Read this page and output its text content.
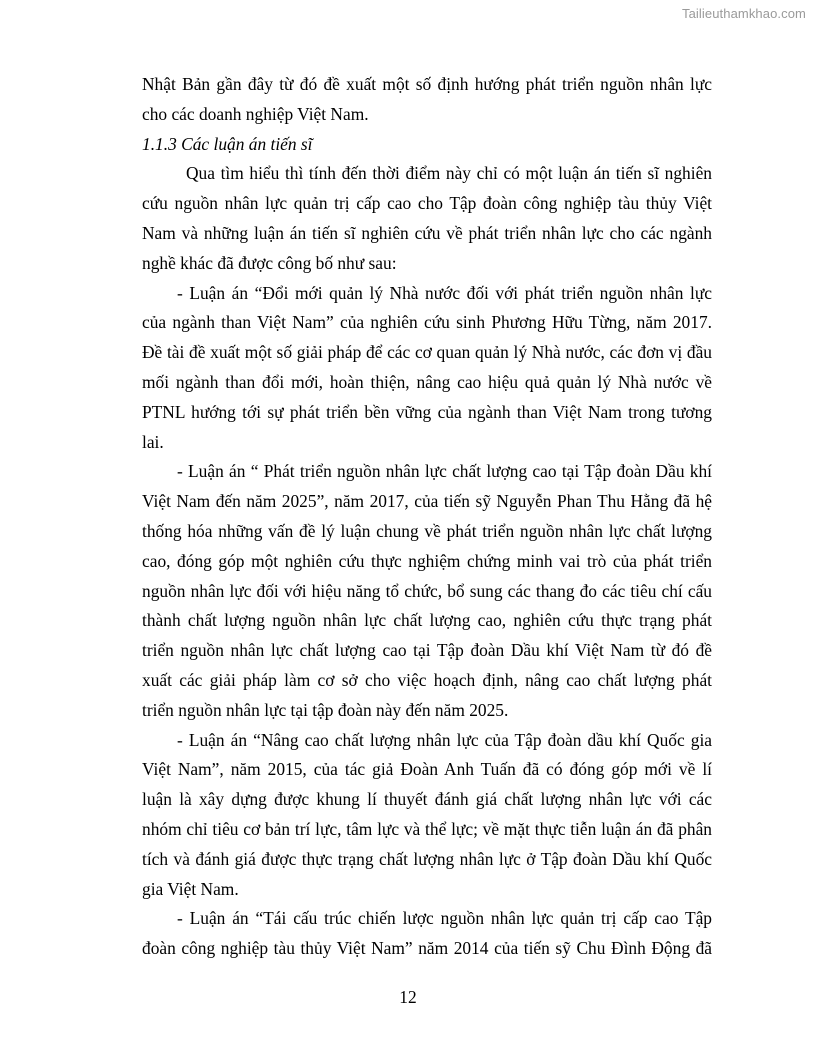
Tailieuthamkhao.com
Nhật Bản gần đây từ đó đề xuất một số định hướng phát triển nguồn nhân lực
cho các doanh nghiệp Việt Nam.
1.1.3 Các luận án tiến sĩ
Qua tìm hiểu thì tính đến thời điểm này chỉ có một luận án tiến sĩ nghiên
cứu nguồn nhân lực quản trị cấp cao cho Tập đoàn công nghiệp tàu thủy Việt
Nam và những luận án tiến sĩ nghiên cứu về phát triển nhân lực cho các ngành
nghề khác đã được công bố như sau:
- Luận án “Đổi mới quản lý Nhà nước đối với phát triển nguồn nhân lực
của ngành than Việt Nam” của nghiên cứu sinh Phương Hữu Từng, năm 2017.
Đề tài đề xuất một số giải pháp để các cơ quan quản lý Nhà nước, các đơn vị đầu
mối ngành than đổi mới, hoàn thiện, nâng cao hiệu quả quản lý Nhà nước về
PTNL hướng tới sự phát triển bền vững của ngành than Việt Nam trong tương
lai.
- Luận án “ Phát triển nguồn nhân lực chất lượng cao tại Tập đoàn Dầu khí
Việt Nam đến năm 2025”, năm 2017, của tiến sỹ Nguyễn Phan Thu Hằng đã hệ
thống hóa những vấn đề lý luận chung về phát triển nguồn nhân lực chất lượng
cao, đóng góp một nghiên cứu thực nghiệm chứng minh vai trò của phát triển
nguồn nhân lực đối với hiệu năng tổ chức, bổ sung các thang đo các tiêu chí cấu
thành chất lượng nguồn nhân lực chất lượng cao, nghiên cứu thực trạng phát
triển nguồn nhân lực chất lượng cao tại Tập đoàn Dầu khí Việt Nam từ đó đề
xuất các giải pháp làm cơ sở cho việc hoạch định, nâng cao chất lượng phát
triển nguồn nhân lực tại tập đoàn này đến năm 2025.
- Luận án “Nâng cao chất lượng nhân lực của Tập đoàn dầu khí Quốc gia
Việt Nam”, năm 2015, của tác giả Đoàn Anh Tuấn đã có đóng góp mới về lí
luận là xây dựng được khung lí thuyết đánh giá chất lượng nhân lực với các
nhóm chỉ tiêu cơ bản trí lực, tâm lực và thể lực; về mặt thực tiễn luận án đã phân
tích và đánh giá được thực trạng chất lượng nhân lực ở Tập đoàn Dầu khí Quốc
gia Việt Nam.
- Luận án “Tái cấu trúc chiến lược nguồn nhân lực quản trị cấp cao Tập
đoàn công nghiệp tàu thủy Việt Nam” năm 2014 của tiến sỹ Chu Đình Động đã
12
